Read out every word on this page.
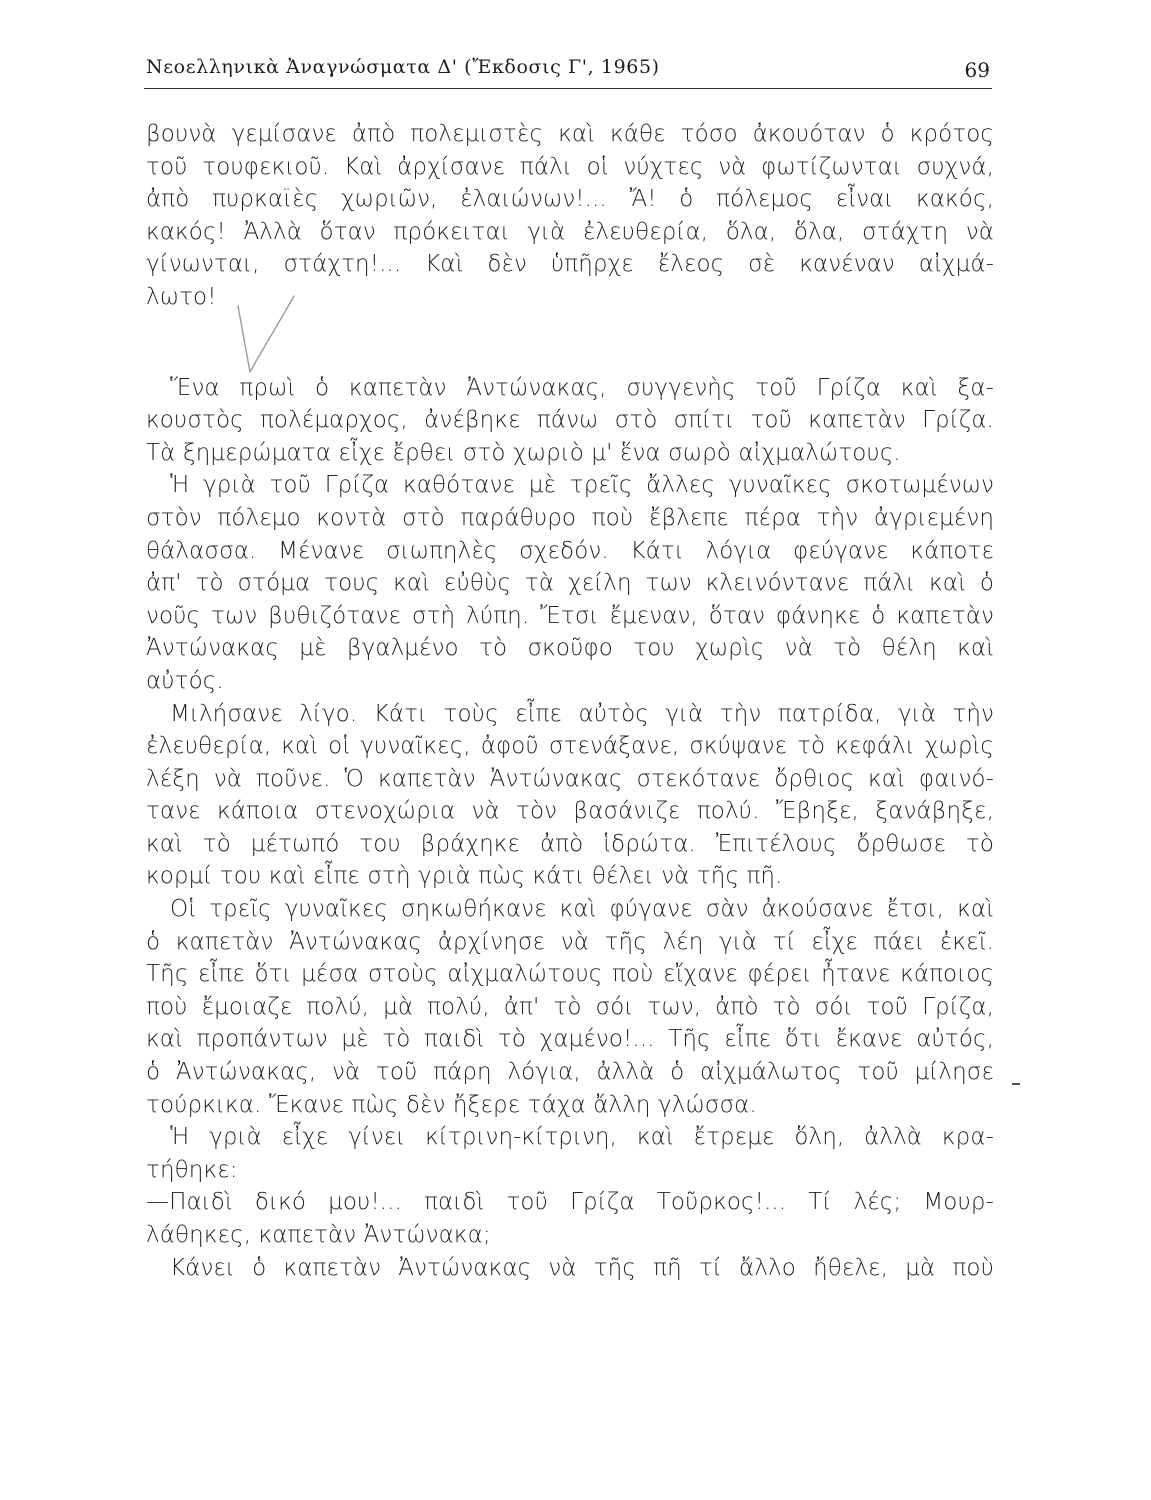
Νεοελληνικὰ Ἀναγνώσματα Δ' (Ἔκδοσις Γ', 1965)	69
βουνὰ γεμίσανε ἀπὸ πολεμιστὲς καὶ κάθε τόσο ἀκουόταν ὁ κρότος
τοῦ τουφεκιοῦ. Καὶ ἀρχίσανε πάλι οἱ νύχτες νὰ φωτίζωνται συχνά,
ἀπὸ πυρκαϊὲς χωριῶν, ἐλαιώνων!... Ἄ! ὁ πόλεμος εἶναι κακός,
κακός! Ἀλλὰ ὅταν πρόκειται γιὰ ἐλευθερία, ὅλα, ὅλα, στάχτη νὰ
γίνωνται, στάχτη!... Καὶ δὲν ὑπῆρχε ἔλεος σὲ κανέναν αἰχμά-
λωτο!
Ἕνα πρωὶ ὁ καπετὰν Ἀντώνακας, συγγενὴς τοῦ Γρίζα καὶ ξα-
κουστὸς πολέμαρχος, ἀνέβηκε πάνω στὸ σπίτι τοῦ καπετὰν Γρίζα.
Τὰ ξημερώματα εἶχε ἔρθει στὸ χωριὸ μ' ἕνα σωρὸ αἰχμαλώτους.
Ἡ γριὰ τοῦ Γρίζα καθότανε μὲ τρεῖς ἄλλες γυναῖκες σκοτωμένων
στὸν πόλεμο κοντὰ στὸ παράθυρο ποὺ ἔβλεπε πέρα τὴν ἀγριεμένη
θάλασσα. Μένανε σιωπηλὲς σχεδόν. Κάτι λόγια φεύγανε κάποτε
ἀπ' τὸ στόμα τους καὶ εὐθὺς τὰ χείλη των κλεινόντανε πάλι καὶ ὁ
νοῦς των βυθιζότανε στὴ λύπη. Ἔτσι ἔμεναν, ὅταν φάνηκε ὁ καπετὰν
Ἀντώνακας μὲ βγαλμένο τὸ σκοῦφο του χωρὶς νὰ τὸ θέλη καὶ
αὐτός.
Μιλήσανε λίγο. Κάτι τοὺς εἶπε αὐτὸς γιὰ τὴν πατρίδα, γιὰ τὴν
ἐλευθερία, καὶ οἱ γυναῖκες, ἀφοῦ στενάξανε, σκύψανε τὸ κεφάλι χωρὶς
λέξη νὰ ποῦνε. Ὁ καπετὰν Ἀντώνακας στεκότανε ὄρθιος καὶ φαινό-
τανε κάποια στενοχώρια νὰ τὸν βασάνιζε πολύ. Ἔβηξε, ξανάβηξε,
καὶ τὸ μέτωπό του βράχηκε ἀπὸ ἱδρώτα. Ἐπιτέλους ὄρθωσε τὸ
κορμί του καὶ εἶπε στὴ γριὰ πὼς κάτι θέλει νὰ τῆς πῆ.
Οἱ τρεῖς γυναῖκες σηκωθήκανε καὶ φύγανε σὰν ἀκούσανε ἔτσι, καὶ
ὁ καπετὰν Ἀντώνακας ἀρχίνησε νὰ τῆς λέη γιὰ τί εἶχε πάει ἐκεῖ.
Τῆς εἶπε ὅτι μέσα στοὺς αἰχμαλώτους ποὺ εἴχανε φέρει ἦτανε κάποιος
ποὺ ἔμοιαζε πολύ, μὰ πολύ, ἀπ' τὸ σόι των, ἀπὸ τὸ σόι τοῦ Γρίζα,
καὶ προπάντων μὲ τὸ παιδὶ τὸ χαμένο!... Τῆς εἶπε ὅτι ἔκανε αὐτός,
ὁ Ἀντώνακας, νὰ τοῦ πάρη λόγια, ἀλλὰ ὁ αἰχμάλωτος τοῦ μίλησε
τούρκικα. Ἔκανε πὼς δὲν ἤξερε τάχα ἄλλη γλώσσα.
Ἡ γριὰ εἶχε γίνει κίτρινη-κίτρινη, καὶ ἔτρεμε ὅλη, ἀλλὰ κρα-
τήθηκε:
—Παιδὶ δικό μου!... παιδὶ τοῦ Γρίζα Τοῦρκος!... Τί λές; Μουρ-
λάθηκες, καπετὰν Ἀντώνακα;
Κάνει ὁ καπετὰν Ἀντώνακας νὰ τῆς πῆ τί ἄλλο ἤθελε, μὰ ποὺ
